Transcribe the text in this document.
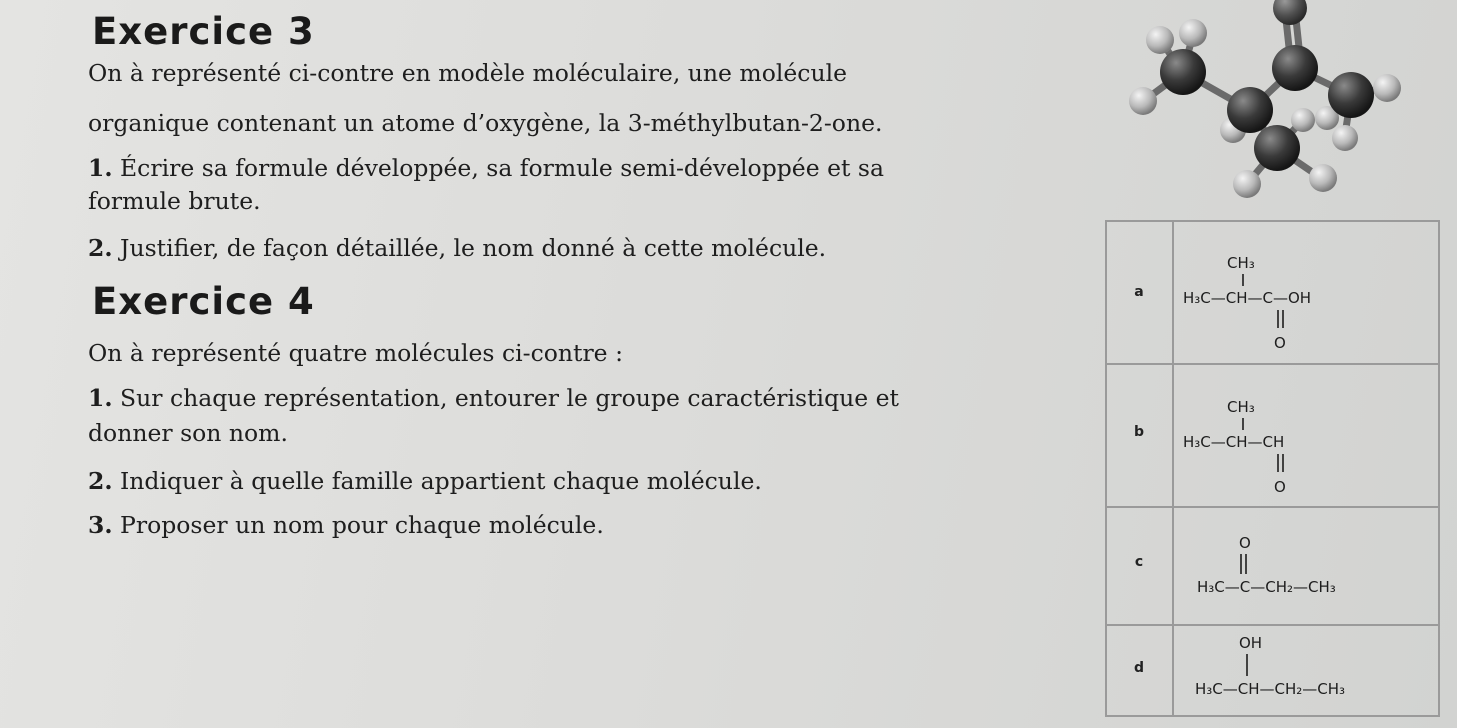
Exercice 3
On à représenté ci-contre en modèle moléculaire, une molécule
organique contenant un atome d’oxygène, la 3-méthylbutan-2-one.
1. Écrire sa formule développée, sa formule semi-développée et sa
formule brute.
2. Justifier, de façon détaillée, le nom donné à cette molécule.
Exercice 4
On à représenté quatre molécules ci-contre :
1. Sur chaque représentation, entourer le groupe caractéristique et
donner son nom.
2. Indiquer à quelle famille appartient chaque molécule.
3. Proposer un nom pour chaque molécule.
a
b
c
d
CH₃
H₃C—CH—C—OH
O
CH₃
H₃C—CH—CH
O
O
H₃C—C—CH₂—CH₃
OH
H₃C—CH—CH₂—CH₃
